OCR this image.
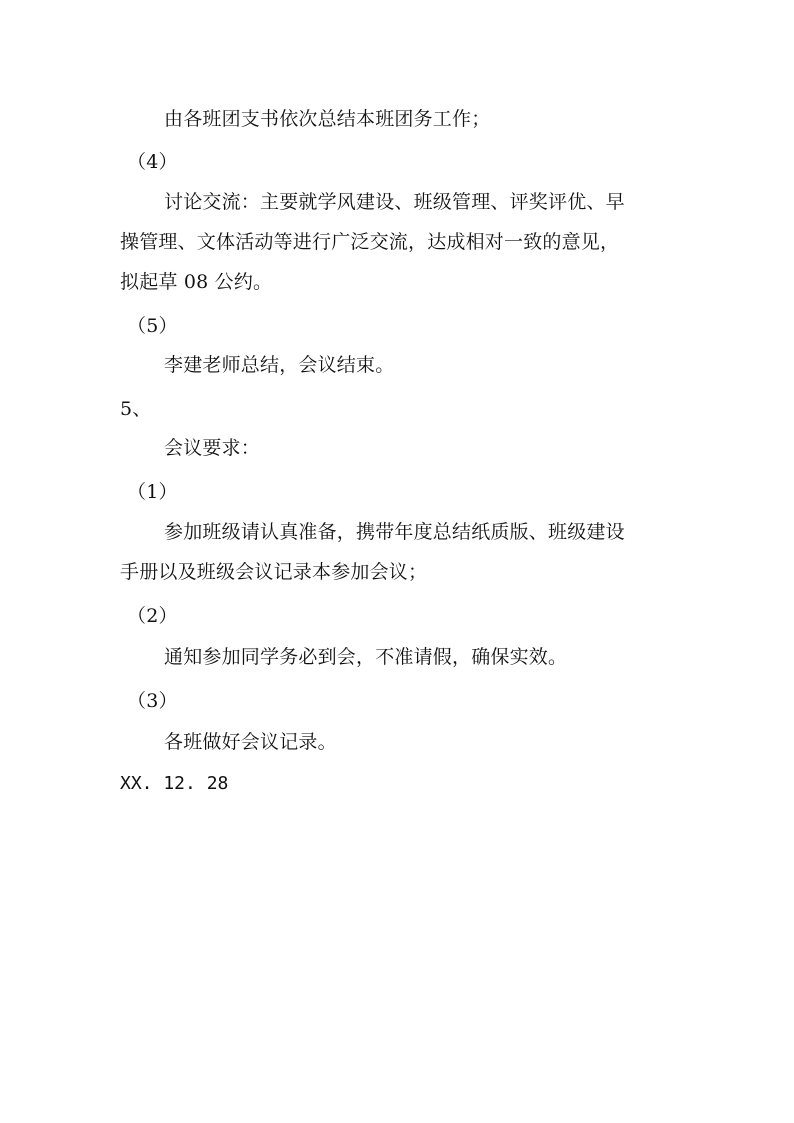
由各班团支书依次总结本班团务工作；
（4）
讨论交流：主要就学风建设、班级管理、评奖评优、早
操管理、文体活动等进行广泛交流，达成相对一致的意见，
拟起草 08 公约。
（5）
李建老师总结，会议结束。
5、
会议要求：
（1）
参加班级请认真准备，携带年度总结纸质版、班级建设
手册以及班级会议记录本参加会议；
（2）
通知参加同学务必到会，不准请假，确保实效。
（3）
各班做好会议记录。
XX. 12. 28
